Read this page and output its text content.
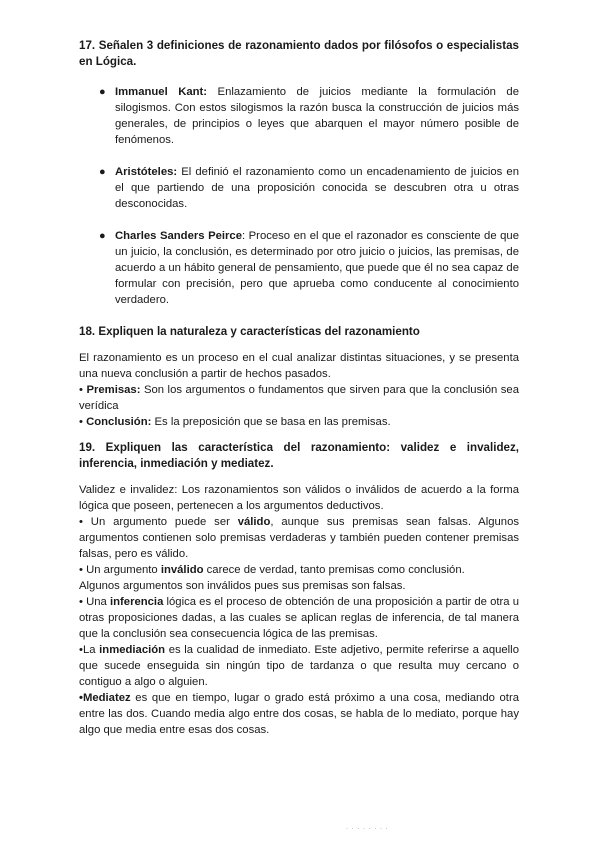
17. Señalen 3 definiciones de razonamiento dados por filósofos o especialistas en Lógica.

● Immanuel Kant: Enlazamiento de juicios mediante la formulación de silogismos. Con estos silogismos la razón busca la construcción de juicios más generales, de principios o leyes que abarquen el mayor número posible de fenómenos.
● Aristóteles: El definió el razonamiento como un encadenamiento de juicios en el que partiendo de una proposición conocida se descubren otra u otras desconocidas.
● Charles Sanders Peirce: Proceso en el que el razonador es consciente de que un juicio, la conclusión, es determinado por otro juicio o juicios, las premisas, de acuerdo a un hábito general de pensamiento, que puede que él no sea capaz de formular con precisión, pero que aprueba como conducente al conocimiento verdadero.

18. Expliquen la naturaleza y características del razonamiento

El razonamiento es un proceso en el cual analizar distintas situaciones, y se presenta una nueva conclusión a partir de hechos pasados.

• Premisas: Son los argumentos o fundamentos que sirven para que la conclusión sea verídica

• Conclusión: Es la preposición que se basa en las premisas.

19. Expliquen las característica del razonamiento: validez e invalidez, inferencia, inmediación y mediatez.

Validez e invalidez: Los razonamientos son válidos o inválidos de acuerdo a la forma lógica que poseen, pertenecen a los argumentos deductivos.

• Un argumento puede ser válido, aunque sus premisas sean falsas. Algunos argumentos contienen solo premisas verdaderas y también pueden contener premisas falsas, pero es válido.

• Un argumento inválido carece de verdad, tanto premisas como conclusión.

Algunos argumentos son inválidos pues sus premisas son falsas.

• Una inferencia lógica es el proceso de obtención de una proposición a partir de otra u otras proposiciones dadas, a las cuales se aplican reglas de inferencia, de tal manera que la conclusión sea consecuencia lógica de las premisas.

•La inmediación es la cualidad de inmediato. Este adjetivo, permite referirse a aquello que sucede enseguida sin ningún tipo de tardanza o que resulta muy cercano o contiguo a algo o alguien.

•Mediatez es que en tiempo, lugar o grado está próximo a una cosa, mediando otra entre las dos. Cuando media algo entre dos cosas, se habla de lo mediato, porque hay algo que media entre esas dos cosas.

· · · · · · · ·
